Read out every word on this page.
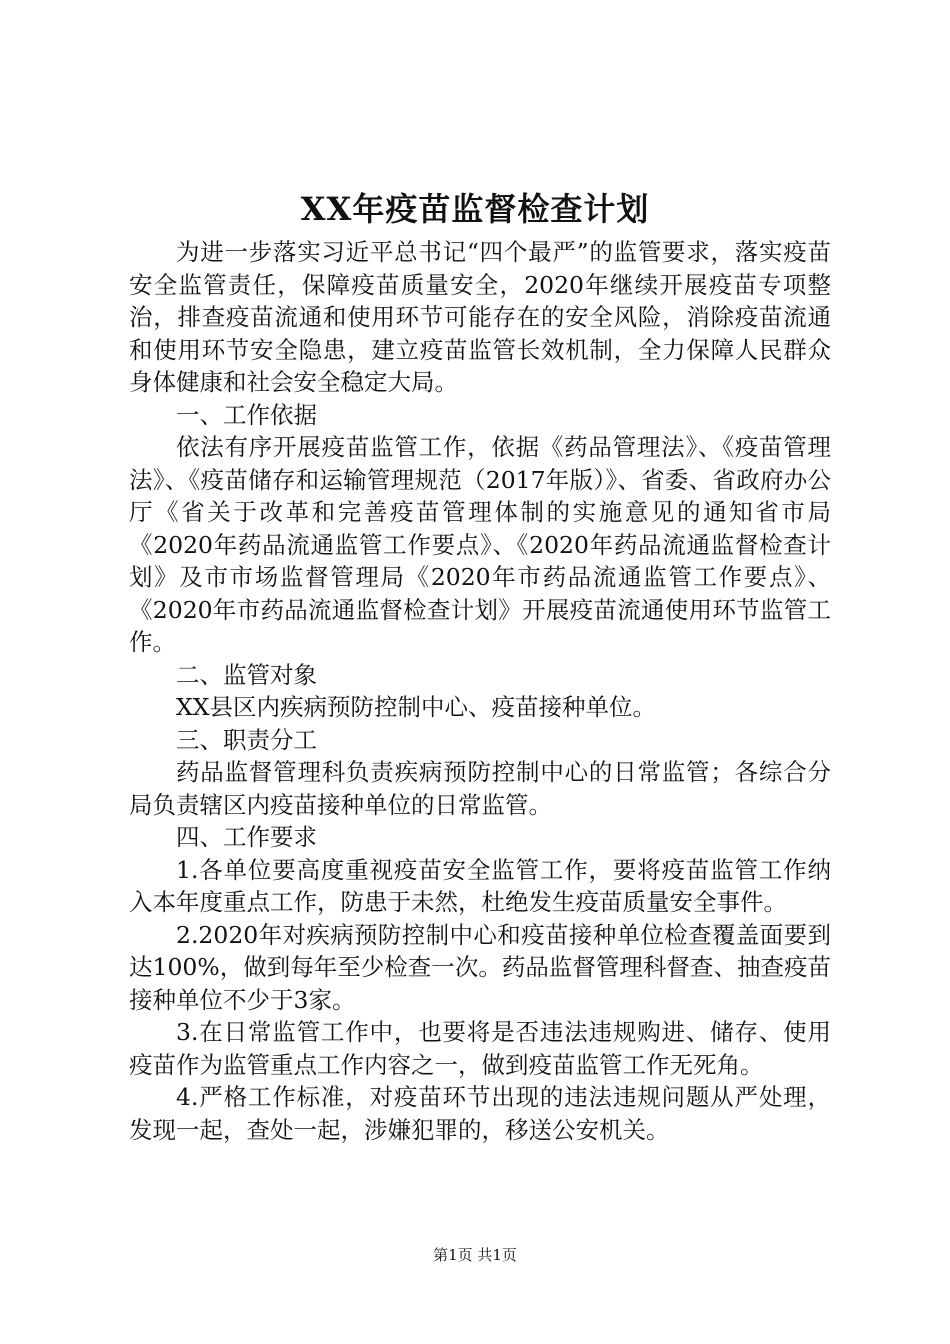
XX年疫苗监督检查计划

为进一步落实习近平总书记“四个最严”的监管要求，落实疫苗安全监管责任，保障疫苗质量安全，2020年继续开展疫苗专项整治，排查疫苗流通和使用环节可能存在的安全风险，消除疫苗流通和使用环节安全隐患，建立疫苗监管长效机制，全力保障人民群众身体健康和社会安全稳定大局。

一、工作依据

依法有序开展疫苗监管工作，依据《药品管理法》、《疫苗管理法》、《疫苗储存和运输管理规范（2017年版）》、省委、省政府办公厅《省关于改革和完善疫苗管理体制的实施意见的通知省市局《2020年药品流通监管工作要点》、《2020年药品流通监督检查计划》及市市场监督管理局《2020年市药品流通监管工作要点》、《2020年市药品流通监督检查计划》开展疫苗流通使用环节监管工作。

二、监管对象

XX县区内疾病预防控制中心、疫苗接种单位。

三、职责分工

药品监督管理科负责疾病预防控制中心的日常监管；各综合分局负责辖区内疫苗接种单位的日常监管。

四、工作要求

1.各单位要高度重视疫苗安全监管工作，要将疫苗监管工作纳入本年度重点工作，防患于未然，杜绝发生疫苗质量安全事件。

2.2020年对疾病预防控制中心和疫苗接种单位检查覆盖面要到达100%，做到每年至少检查一次。药品监督管理科督查、抽查疫苗接种单位不少于3家。

3.在日常监管工作中，也要将是否违法违规购进、储存、使用疫苗作为监管重点工作内容之一，做到疫苗监管工作无死角。

4.严格工作标准，对疫苗环节出现的违法违规问题从严处理，发现一起，查处一起，涉嫌犯罪的，移送公安机关。

第1页 共1页
